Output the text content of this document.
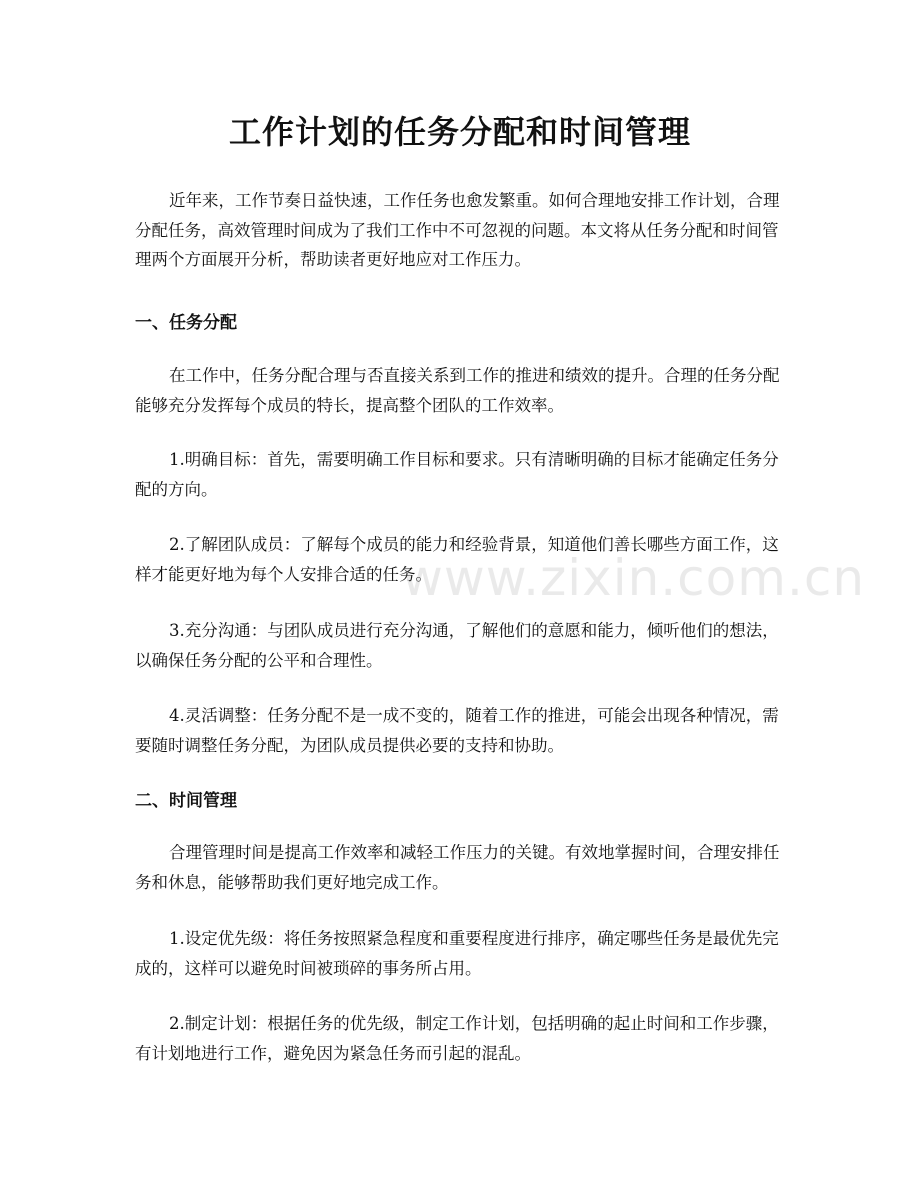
工作计划的任务分配和时间管理

近年来，工作节奏日益快速，工作任务也愈发繁重。如何合理地安排工作计划，合理分配任务，高效管理时间成为了我们工作中不可忽视的问题。本文将从任务分配和时间管理两个方面展开分析，帮助读者更好地应对工作压力。

一、任务分配

在工作中，任务分配合理与否直接关系到工作的推进和绩效的提升。合理的任务分配能够充分发挥每个成员的特长，提高整个团队的工作效率。

1.明确目标：首先，需要明确工作目标和要求。只有清晰明确的目标才能确定任务分配的方向。

2.了解团队成员：了解每个成员的能力和经验背景，知道他们善长哪些方面工作，这样才能更好地为每个人安排合适的任务。

3.充分沟通：与团队成员进行充分沟通，了解他们的意愿和能力，倾听他们的想法，以确保任务分配的公平和合理性。

4.灵活调整：任务分配不是一成不变的，随着工作的推进，可能会出现各种情况，需要随时调整任务分配，为团队成员提供必要的支持和协助。

二、时间管理

合理管理时间是提高工作效率和减轻工作压力的关键。有效地掌握时间，合理安排任务和休息，能够帮助我们更好地完成工作。

1.设定优先级：将任务按照紧急程度和重要程度进行排序，确定哪些任务是最优先完成的，这样可以避免时间被琐碎的事务所占用。

2.制定计划：根据任务的优先级，制定工作计划，包括明确的起止时间和工作步骤，有计划地进行工作，避免因为紧急任务而引起的混乱。

www.zixin.com.cn
